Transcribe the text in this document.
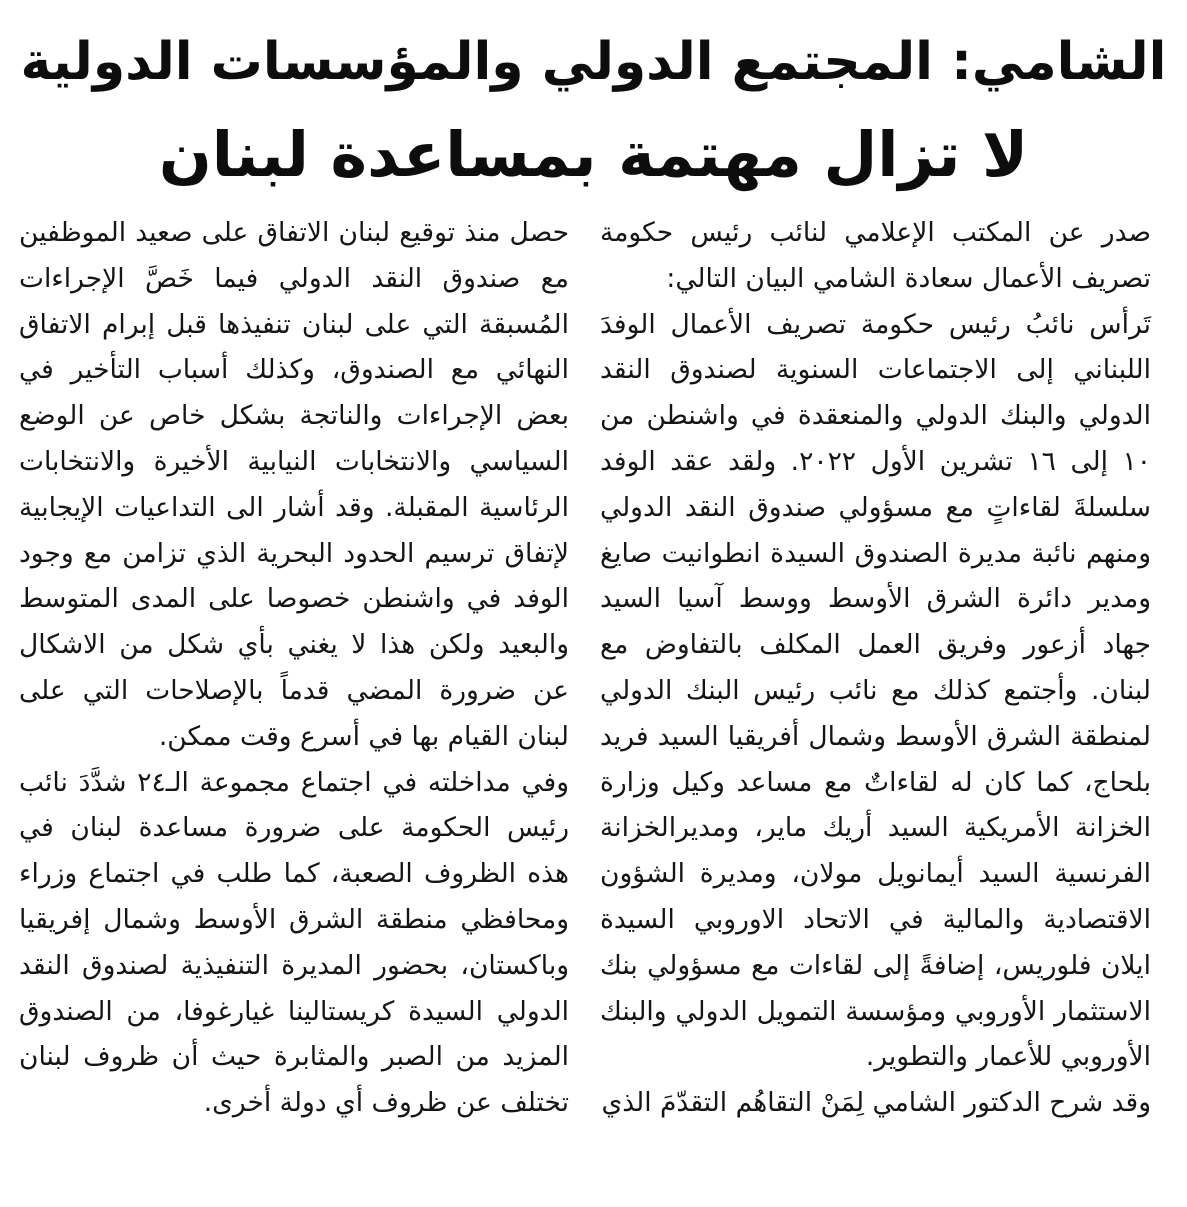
الشامي: المجتمع الدولي والمؤسسات الدولية
لا تزال مهتمة بمساعدة لبنان

صدر عن المكتب الإعلامي لنائب رئيس حكومة تصريف الأعمال سعادة الشامي البيان التالي:

تَرأس نائبُ رئيس حكومة تصريف الأعمال الوفدَ اللبناني إلى الاجتماعات السنوية لصندوق النقد الدولي والبنك الدولي والمنعقدة في واشنطن من ١٠ إلى ١٦ تشرين الأول ٢٠٢٢. ولقد عقد الوفد سلسلةَ لقاءاتٍ مع مسؤولي صندوق النقد الدولي ومنهم نائبة مديرة الصندوق السيدة انطوانيت صايغ ومدير دائرة الشرق الأوسط ووسط آسيا السيد جهاد أزعور وفريق العمل المكلف بالتفاوض مع لبنان. وأجتمع كذلك مع نائب رئيس البنك الدولي لمنطقة الشرق الأوسط وشمال أفريقيا السيد فريد بلحاج، كما كان له لقاءاتٌ مع مساعد وكيل وزارة الخزانة الأمريكية السيد أريك ماير، ومديرالخزانة الفرنسية السيد أيمانويل مولان، ومديرة الشؤون الاقتصادية والمالية في الاتحاد الاوروبي السيدة ايلان فلوريس، إضافةً إلى لقاءات مع مسؤولي بنك الاستثمار الأوروبي ومؤسسة التمويل الدولي والبنك الأوروبي للأعمار والتطوير.

وقد شرح الدكتور الشامي لِمَنْ التقاهُم التقدّمَ الذي

حصل منذ توقيع لبنان الاتفاق على صعيد الموظفين مع صندوق النقد الدولي فيما خَصَّ الإجراءات المُسبقة التي على لبنان تنفيذها قبل إبرام الاتفاق النهائي مع الصندوق، وكذلك أسباب التأخير في بعض الإجراءات والناتجة بشكل خاص عن الوضع السياسي والانتخابات النيابية الأخيرة والانتخابات الرئاسية المقبلة. وقد أشار الى التداعيات الإيجابية لإتفاق ترسيم الحدود البحرية الذي تزامن مع وجود الوفد في واشنطن خصوصا على المدى المتوسط والبعيد ولكن هذا لا يغني بأي شكل من الاشكال عن ضرورة المضي قدماً بالإصلاحات التي على لبنان القيام بها في أسرع وقت ممكن.

وفي مداخلته في اجتماع مجموعة الـ٢٤ شدَّدَ نائب رئيس الحكومة على ضرورة مساعدة لبنان في هذه الظروف الصعبة، كما طلب في اجتماع وزراء ومحافظي منطقة الشرق الأوسط وشمال إفريقيا وباكستان، بحضور المديرة التنفيذية لصندوق النقد الدولي السيدة كريستالينا غيارغوفا، من الصندوق المزيد من الصبر والمثابرة حيث أن ظروف لبنان تختلف عن ظروف أي دولة أخرى.
